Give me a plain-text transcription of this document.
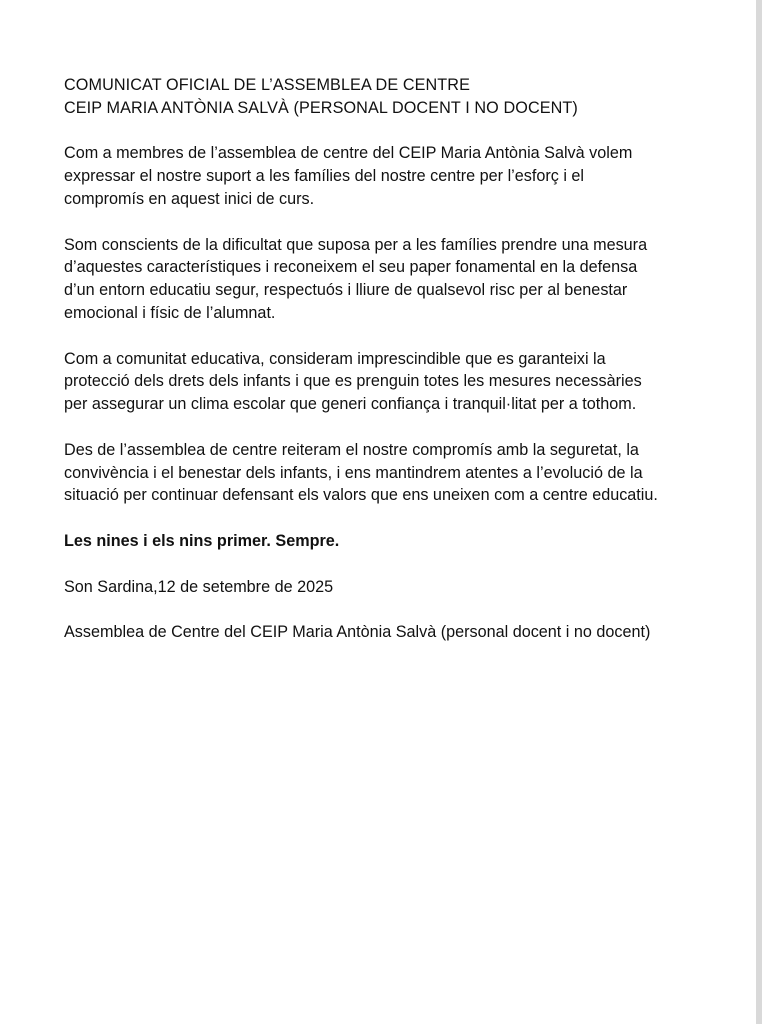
COMUNICAT OFICIAL DE L’ASSEMBLEA DE CENTRE
CEIP MARIA ANTÒNIA SALVÀ (PERSONAL DOCENT I NO DOCENT)

Com a membres de l’assemblea de centre del CEIP Maria Antònia Salvà volem
expressar el nostre suport a les famílies del nostre centre per l’esforç i el
compromís en aquest inici de curs.

Som conscients de la dificultat que suposa per a les famílies prendre una mesura
d’aquestes característiques i reconeixem el seu paper fonamental en la defensa
d’un entorn educatiu segur, respectuós i lliure de qualsevol risc per al benestar
emocional i físic de l’alumnat.

Com a comunitat educativa, consideram imprescindible que es garanteixi la
protecció dels drets dels infants i que es prenguin totes les mesures necessàries
per assegurar un clima escolar que generi confiança i tranquil·litat per a tothom.

Des de l’assemblea de centre reiteram el nostre compromís amb la seguretat, la
convivència i el benestar dels infants, i ens mantindrem atentes a l’evolució de la
situació per continuar defensant els valors que ens uneixen com a centre educatiu.

Les nines i els nins primer. Sempre.

Son Sardina,12 de setembre de 2025

Assemblea de Centre del CEIP Maria Antònia Salvà (personal docent i no docent)
